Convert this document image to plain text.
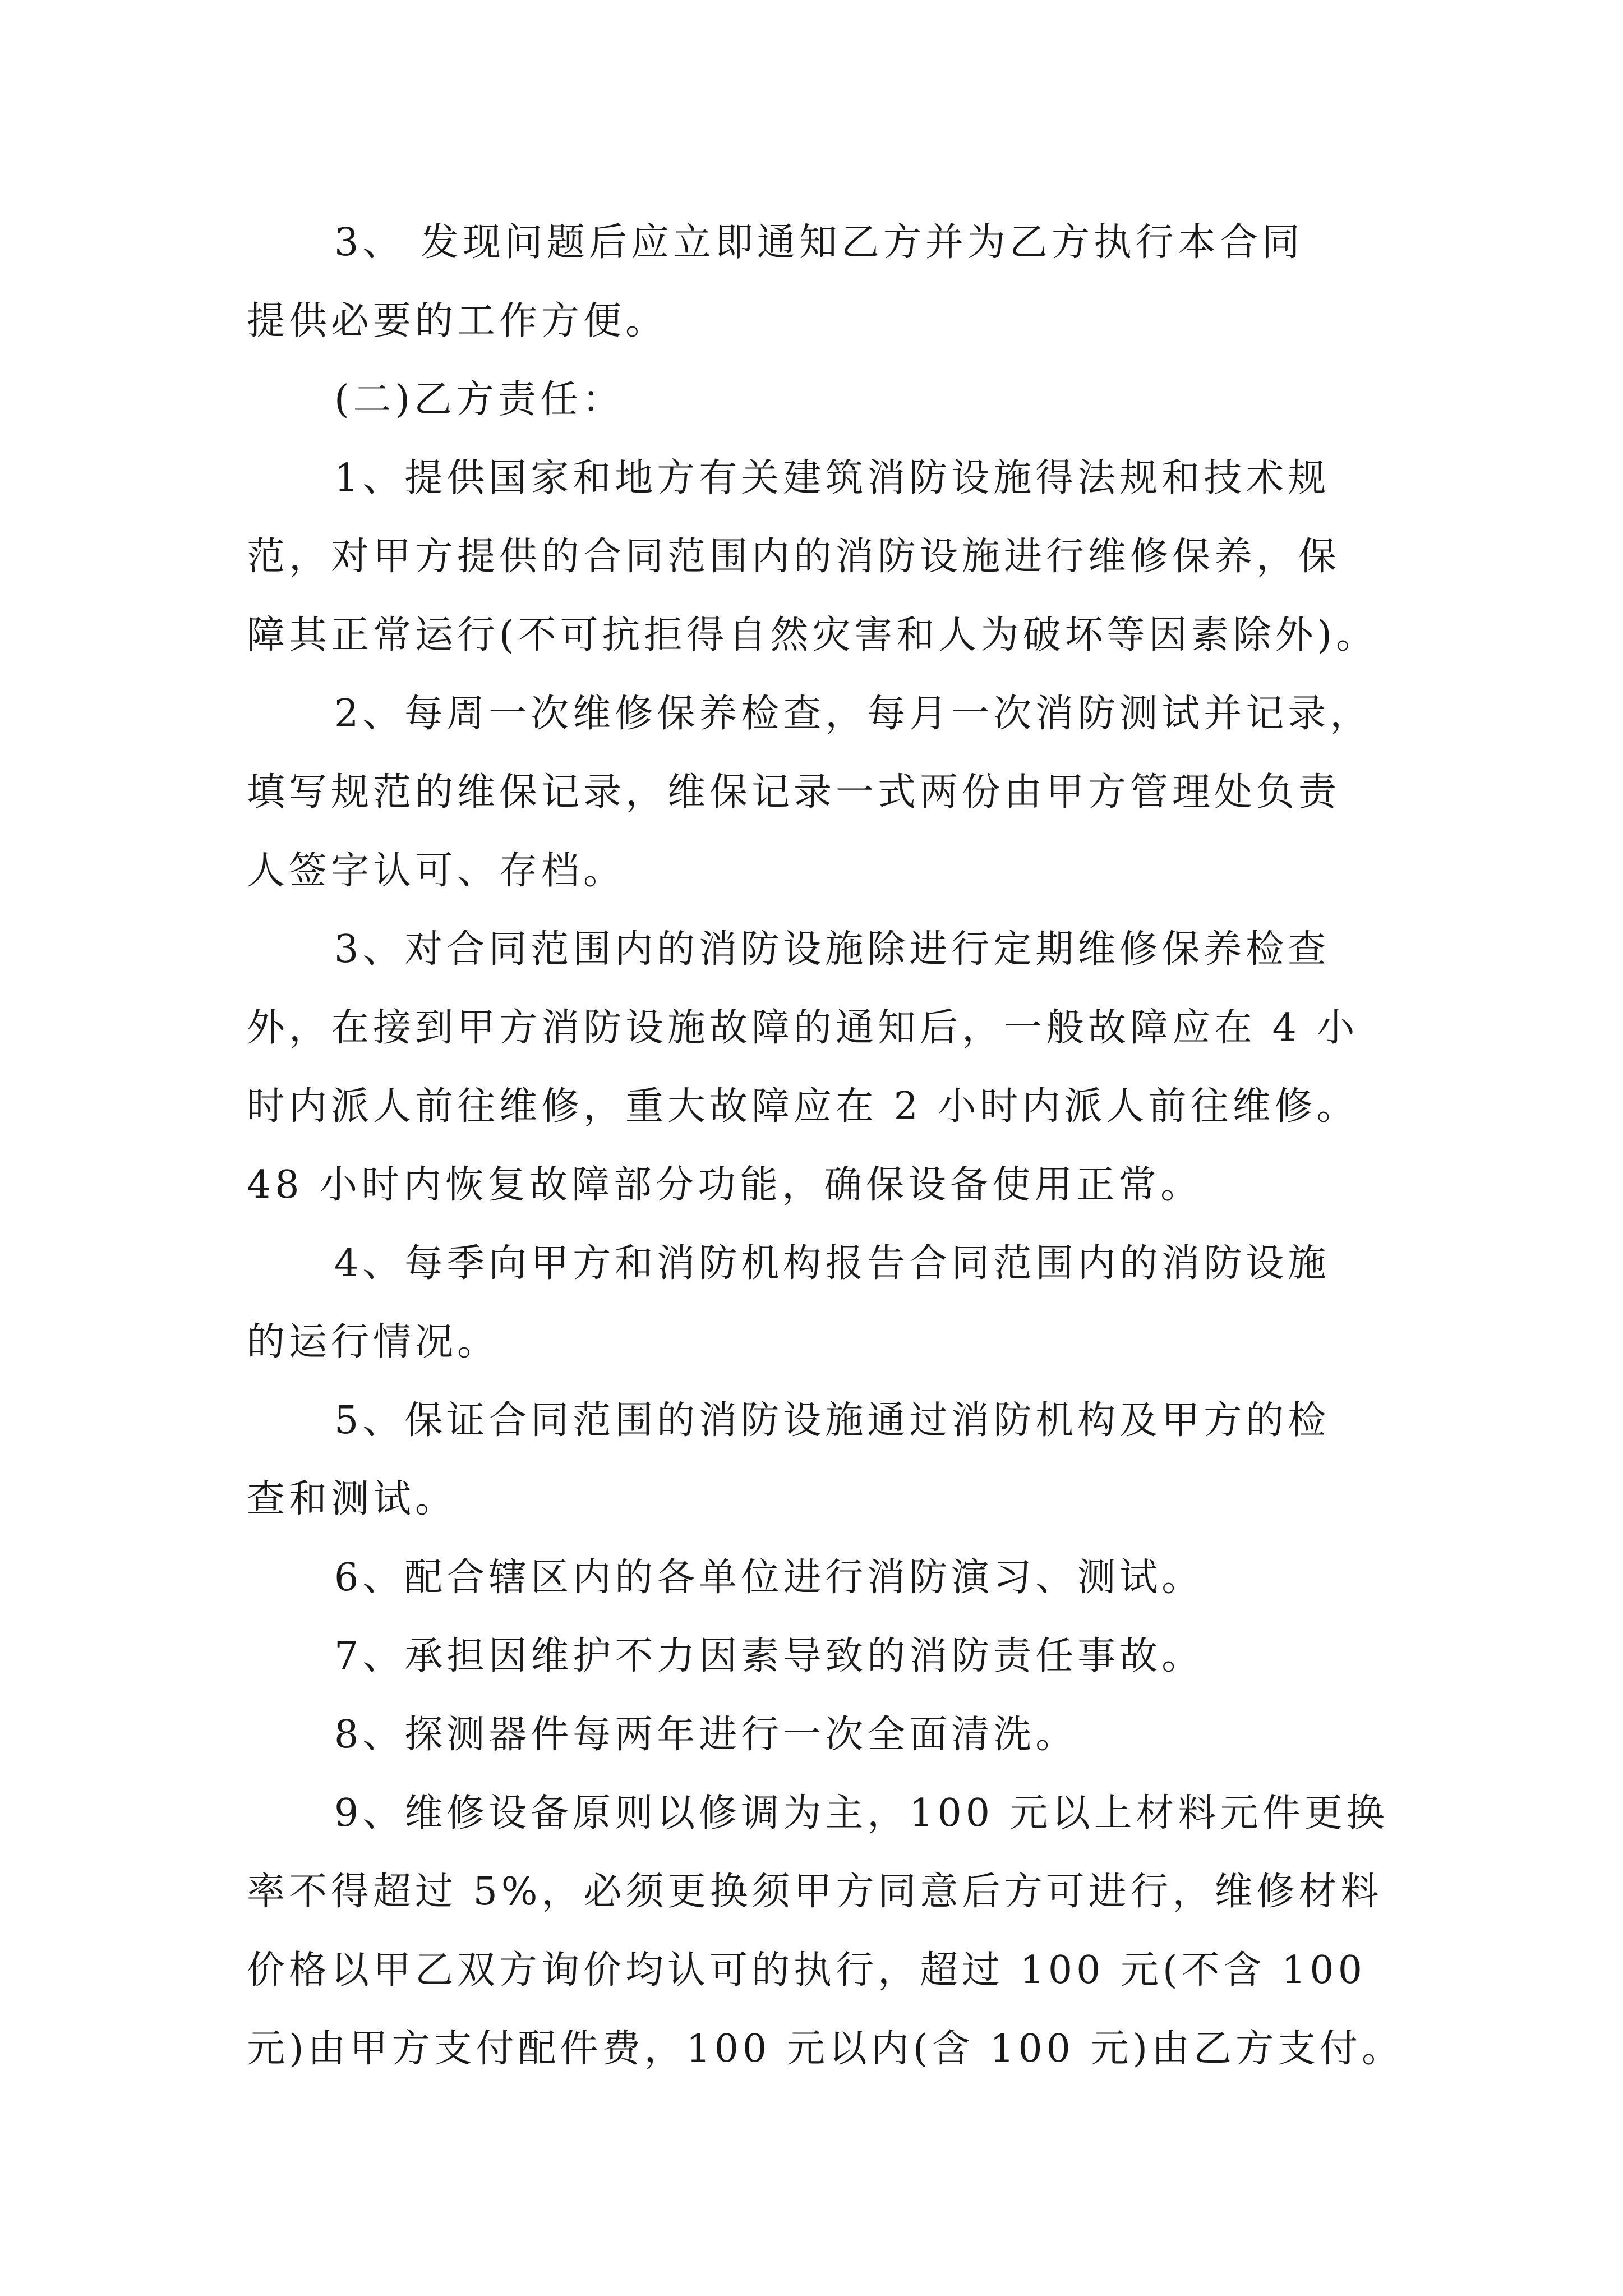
3、 发现问题后应立即通知乙方并为乙方执行本合同
提供必要的工作方便。
(二)乙方责任：
1、提供国家和地方有关建筑消防设施得法规和技术规
范，对甲方提供的合同范围内的消防设施进行维修保养，保
障其正常运行(不可抗拒得自然灾害和人为破坏等因素除外)。
2、每周一次维修保养检查，每月一次消防测试并记录，
填写规范的维保记录，维保记录一式两份由甲方管理处负责
人签字认可、存档。
3、对合同范围内的消防设施除进行定期维修保养检查
外，在接到甲方消防设施故障的通知后，一般故障应在 4 小
时内派人前往维修，重大故障应在 2 小时内派人前往维修。
48 小时内恢复故障部分功能，确保设备使用正常。
4、每季向甲方和消防机构报告合同范围内的消防设施
的运行情况。
5、保证合同范围的消防设施通过消防机构及甲方的检
查和测试。
6、配合辖区内的各单位进行消防演习、测试。
7、承担因维护不力因素导致的消防责任事故。
8、探测器件每两年进行一次全面清洗。
9、维修设备原则以修调为主，100 元以上材料元件更换
率不得超过 5%，必须更换须甲方同意后方可进行，维修材料
价格以甲乙双方询价均认可的执行，超过 100 元(不含 100
元)由甲方支付配件费，100 元以内(含 100 元)由乙方支付。
